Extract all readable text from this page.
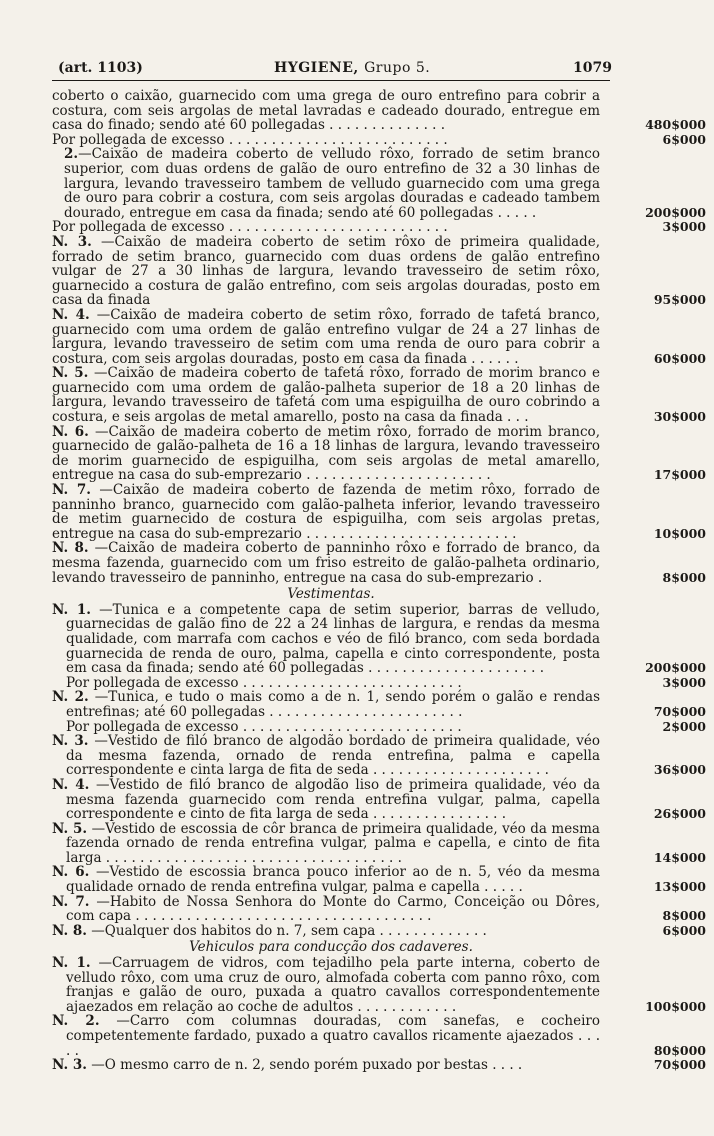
(art. 1103)	HYGIENE, Grupo 5.	1079
coberto o caixão, guarnecido com uma grega de ouro entrefino para cobrir a costura, com seis argolas de metal lavradas e cadeado dourado, entregue em casa do finado; sendo até 60 pollegadas . . . . . . . . . . . . . .	480$000
Por pollegada de excesso . . . . . . . . . . . . . . . . . . . . . . . . . .	6$000
2.—Caixão de madeira coberto de velludo rôxo, forrado de setim branco superior, com duas ordens de galão de ouro entrefino de 32 a 30 linhas de largura, levando travesseiro tambem de velludo guarnecido com uma grega de ouro para cobrir a costura, com seis argolas douradas e cadeado tambem dourado, entregue em casa da finada; sendo até 60 pollegadas . . . . .	200$000
Por pollegada de excesso . . . . . . . . . . . . . . . . . . . . . . . . . .	3$000
N. 3. —Caixão de madeira coberto de setim rôxo de primeira qualidade, forrado de setim branco, guarnecido com duas ordens de galão entrefino vulgar de 27 a 30 linhas de largura, levando travesseiro de setim rôxo, guarnecido a costura de galão entrefino, com seis argolas douradas, posto em casa da finada	95$000
N. 4. —Caixão de madeira coberto de setim rôxo, forrado de tafetá branco, guarnecido com uma ordem de galão entrefino vulgar de 24 a 27 linhas de largura, levando travesseiro de setim com uma renda de ouro para cobrir a costura, com seis argolas douradas, posto em casa da finada . . . . . .	60$000
N. 5. —Caixão de madeira coberto de tafetá rôxo, forrado de morim branco e guarnecido com uma ordem de galão-palheta superior de 18 a 20 linhas de largura, levando travesseiro de tafetá com uma espiguilha de ouro cobrindo a costura, e seis argolas de metal amarello, posto na casa da finada . . .	30$000
N. 6. —Caixão de madeira coberto de metim rôxo, forrado de morim branco, guarnecido de galão-palheta de 16 a 18 linhas de largura, levando travesseiro de morim guarnecido de espiguilha, com seis argolas de metal amarello, entregue na casa do sub-emprezario . . . . . . . . . . . . . . . . . . . . . .	17$000
N. 7. —Caixão de madeira coberto de fazenda de metim rôxo, forrado de panninho branco, guarnecido com galão-palheta inferior, levando travesseiro de metim guarnecido de costura de espiguilha, com seis argolas pretas, entregue na casa do sub-emprezario . . . . . . . . . . . . . . . . . . . . . . . . .	10$000
N. 8. —Caixão de madeira coberto de panninho rôxo e forrado de branco, da mesma fazenda, guarnecido com um friso estreito de galão-palheta ordinario, levando travesseiro de panninho, entregue na casa do sub-emprezario .	8$000
Vestimentas.
N. 1. —Tunica e a competente capa de setim superior, barras de velludo, guarnecidas de galão fino de 22 a 24 linhas de largura, e rendas da mesma qualidade, com marrafa com cachos e véo de filó branco, com seda bordada guarnecida de renda de ouro, palma, capella e cinto correspondente, posta em casa da finada; sendo até 60 pollegadas . . . . . . . . . . . . . . . . . . . . .	200$000
Por pollegada de excesso . . . . . . . . . . . . . . . . . . . . . . . . . .	3$000
N. 2. —Tunica, e tudo o mais como a de n. 1, sendo porém o galão e rendas entrefinas; até 60 pollegadas . . . . . . . . . . . . . . . . . . . . . . .	70$000
Por pollegada de excesso . . . . . . . . . . . . . . . . . . . . . . . . . .	2$000
N. 3. —Vestido de filó branco de algodão bordado de primeira qualidade, véo da mesma fazenda, ornado de renda entrefina, palma e capella correspondente e cinta larga de fita de seda . . . . . . . . . . . . . . . . . . . . .	36$000
N. 4. —Vestido de filó branco de algodão liso de primeira qualidade, véo da mesma fazenda guarnecido com renda entrefina vulgar, palma, capella correspondente e cinto de fita larga de seda . . . . . . . . . . . . . . . .	26$000
N. 5. —Vestido de escossia de côr branca de primeira qualidade, véo da mesma fazenda ornado de renda entrefina vulgar, palma e capella, e cinto de fita larga . . . . . . . . . . . . . . . . . . . . . . . . . . . . . . . . . . .	14$000
N. 6. —Vestido de escossia branca pouco inferior ao de n. 5, véo da mesma qualidade ornado de renda entrefina vulgar, palma e capella . . . . .	13$000
N. 7. —Habito de Nossa Senhora do Monte do Carmo, Conceição ou Dôres, com capa . . . . . . . . . . . . . . . . . . . . . . . . . . . . . . . . . . .	8$000
N. 8. —Qualquer dos habitos do n. 7, sem capa . . . . . . . . . . . . .	6$000
Vehiculos para conducção dos cadaveres.
N. 1. —Carruagem de vidros, com tejadilho pela parte interna, coberto de velludo rôxo, com uma cruz de ouro, almofada coberta com panno rôxo, com franjas e galão de ouro, puxada a quatro cavallos correspondentemente ajaezados em relação ao coche de adultos . . . . . . . . . . . .	100$000
N. 2. —Carro com columnas douradas, com sanefas, e cocheiro competentemente fardado, puxado a quatro cavallos ricamente ajaezados . . . . .	80$000
N. 3. —O mesmo carro de n. 2, sendo porém puxado por bestas . . . .	70$000
